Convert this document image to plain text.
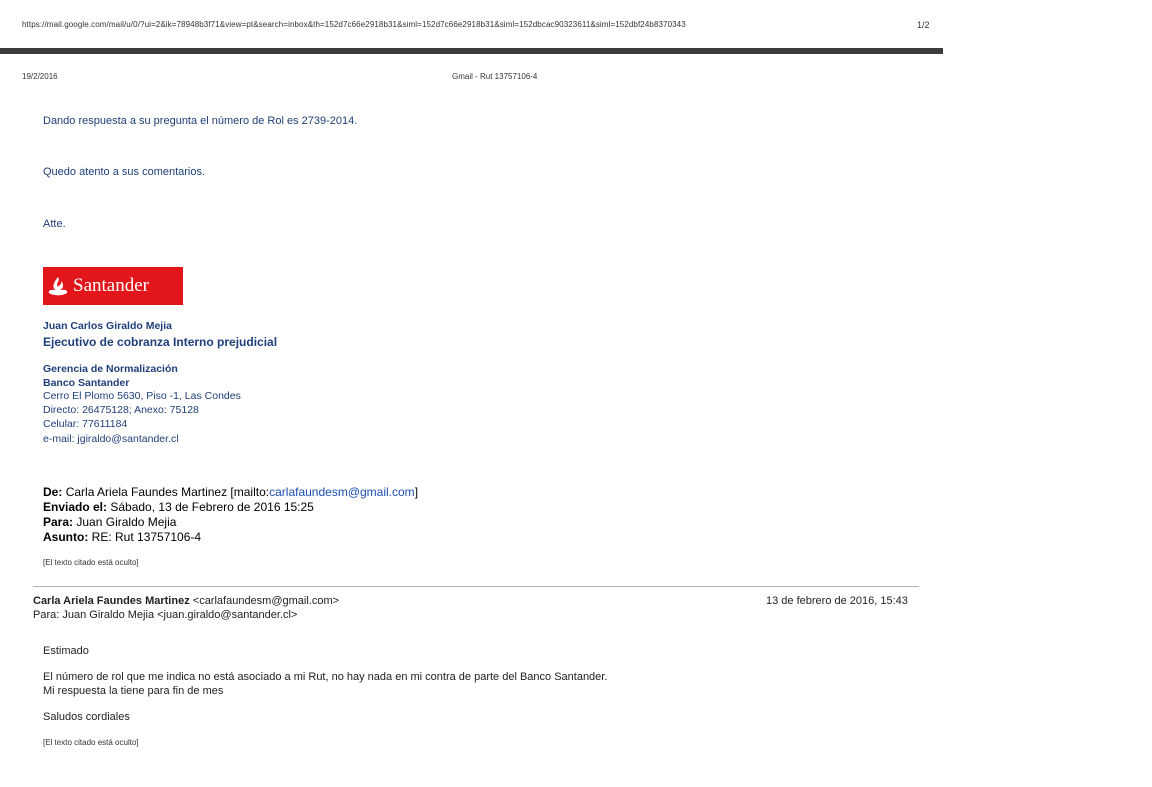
https://mail.google.com/mail/u/0/?ui=2&ik=78948b3f71&view=pt&search=inbox&th=152d7c66e2918b31&siml=152d7c66e2918b31&siml=152dbcac90323611&siml=152dbf24b8370343	1/2
19/2/2016	Gmail - Rut 13757106-4
Dando respuesta a su pregunta el número de Rol es 2739-2014.
Quedo atento a sus comentarios.
Atte.
Santander
Juan Carlos Giraldo Mejia
Ejecutivo de cobranza Interno prejudicial
Gerencia de Normalización
Banco Santander
Cerro El Plomo 5630, Piso -1, Las Condes
Directo: 26475128; Anexo: 75128
Celular: 77611184
e-mail: jgiraldo@santander.cl
De: Carla Ariela Faundes Martinez [mailto:carlafaundesm@gmail.com]
Enviado el: Sábado, 13 de Febrero de 2016 15:25
Para: Juan Giraldo Mejia
Asunto: RE: Rut 13757106-4
[El texto citado está oculto]
Carla Ariela Faundes Martinez <carlafaundesm@gmail.com>	13 de febrero de 2016, 15:43
Para: Juan Giraldo Mejia <juan.giraldo@santander.cl>
Estimado
El número de rol que me indica no está asociado a mi Rut, no hay nada en mi contra de parte del Banco Santander.
Mi respuesta la tiene para fin de mes
Saludos cordiales
[El texto citado está oculto]
